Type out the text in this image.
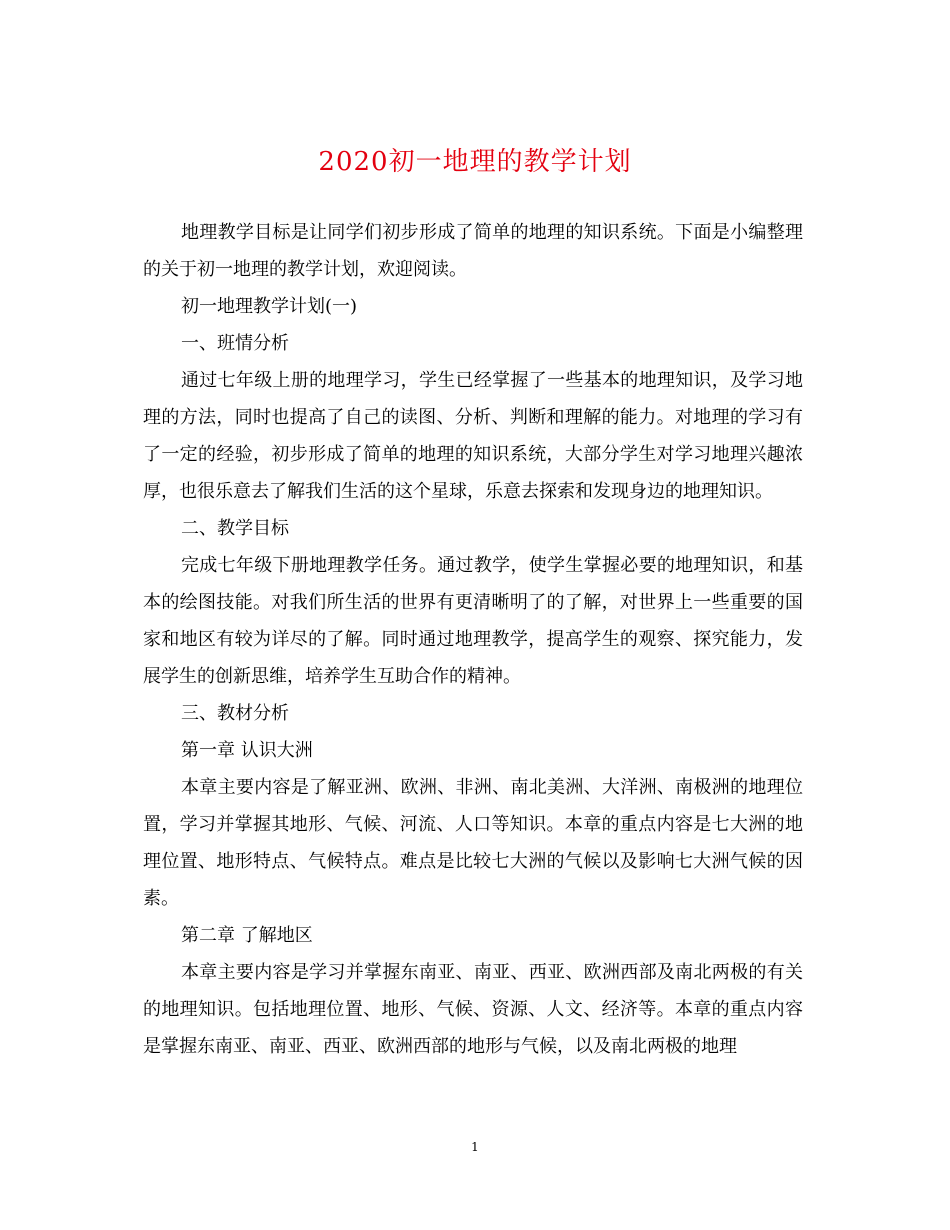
2020初一地理的教学计划

地理教学目标是让同学们初步形成了简单的地理的知识系统。下面是小编整理的关于初一地理的教学计划，欢迎阅读。

初一地理教学计划(一)

一、班情分析

通过七年级上册的地理学习，学生已经掌握了一些基本的地理知识，及学习地理的方法，同时也提高了自己的读图、分析、判断和理解的能力。对地理的学习有了一定的经验，初步形成了简单的地理的知识系统，大部分学生对学习地理兴趣浓厚，也很乐意去了解我们生活的这个星球，乐意去探索和发现身边的地理知识。

二、教学目标

完成七年级下册地理教学任务。通过教学，使学生掌握必要的地理知识，和基本的绘图技能。对我们所生活的世界有更清晰明了的了解，对世界上一些重要的国家和地区有较为详尽的了解。同时通过地理教学，提高学生的观察、探究能力，发展学生的创新思维，培养学生互助合作的精神。

三、教材分析

第一章 认识大洲

本章主要内容是了解亚洲、欧洲、非洲、南北美洲、大洋洲、南极洲的地理位置，学习并掌握其地形、气候、河流、人口等知识。本章的重点内容是七大洲的地理位置、地形特点、气候特点。难点是比较七大洲的气候以及影响七大洲气候的因素。

第二章 了解地区

本章主要内容是学习并掌握东南亚、南亚、西亚、欧洲西部及南北两极的有关的地理知识。包括地理位置、地形、气候、资源、人文、经济等。本章的重点内容是掌握东南亚、南亚、西亚、欧洲西部的地形与气候，以及南北两极的地理

1
